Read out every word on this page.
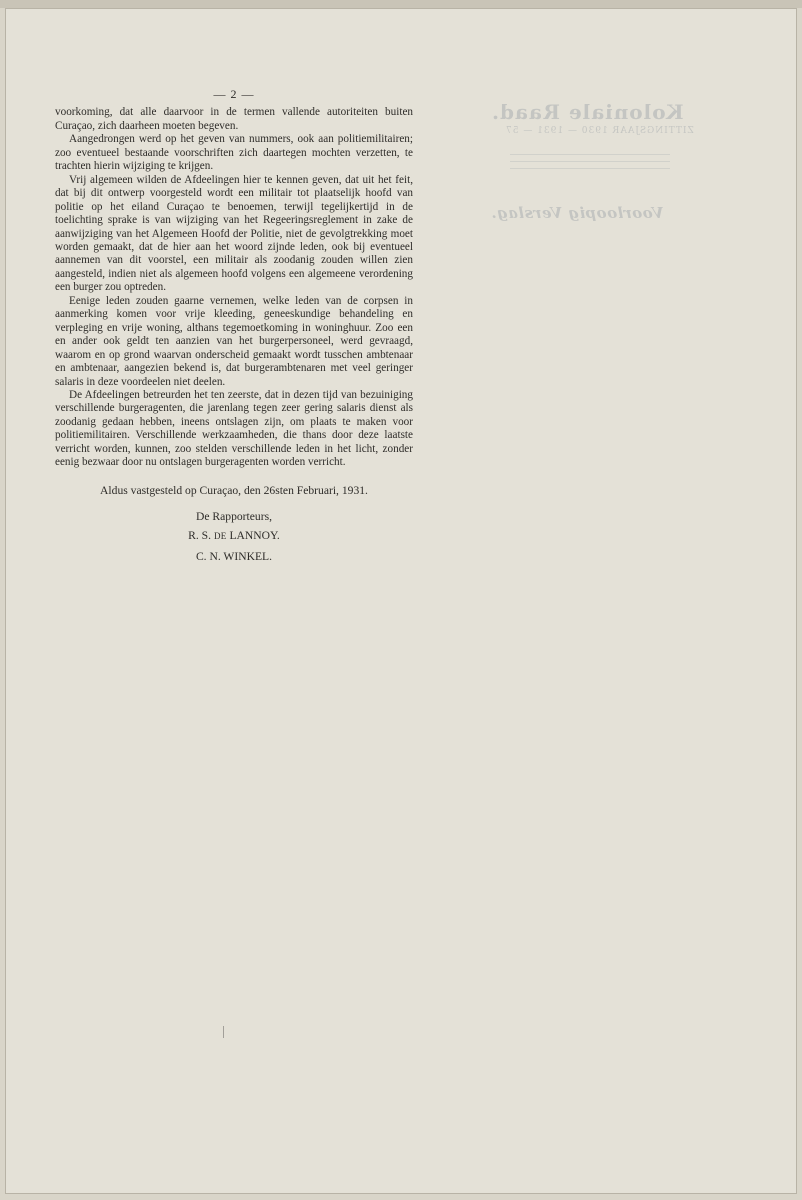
Koloniale Raad.
ZITTINGSJAAR 1930 — 1931 — 57
Voorloopig Verslag.
— 2 —

voorkoming, dat alle daarvoor in de termen vallende autoriteiten buiten Curaçao, zich daarheen moeten begeven.

Aangedrongen werd op het geven van nummers, ook aan politiemilitairen; zoo eventueel bestaande voorschriften zich daartegen mochten verzetten, te trachten hierin wijziging te krijgen.

Vrij algemeen wilden de Afdeelingen hier te kennen geven, dat uit het feit, dat bij dit ontwerp voorgesteld wordt een militair tot plaatselijk hoofd van politie op het eiland Curaçao te benoemen, terwijl tegelijkertijd in de toelichting sprake is van wijziging van het Regeeringsreglement in zake de aanwijziging van het Algemeen Hoofd der Politie, niet de gevolgtrekking moet worden gemaakt, dat de hier aan het woord zijnde leden, ook bij eventueel aannemen van dit voorstel, een militair als zoodanig zouden willen zien aangesteld, indien niet als algemeen hoofd volgens een algemeene verordening een burger zou optreden.

Eenige leden zouden gaarne vernemen, welke leden van de corpsen in aanmerking komen voor vrije kleeding, geneeskundige behandeling en verpleging en vrije woning, althans tegemoetkoming in woninghuur. Zoo een en ander ook geldt ten aanzien van het burgerpersoneel, werd gevraagd, waarom en op grond waarvan onderscheid gemaakt wordt tusschen ambtenaar en ambtenaar, aangezien bekend is, dat burgerambtenaren met veel geringer salaris in deze voordeelen niet deelen.

De Afdeelingen betreurden het ten zeerste, dat in dezen tijd van bezuiniging verschillende burgeragenten, die jarenlang tegen zeer gering salaris dienst als zoodanig gedaan hebben, ineens ontslagen zijn, om plaats te maken voor politiemilitairen. Verschillende werkzaamheden, die thans door deze laatste verricht worden, kunnen, zoo stelden verschillende leden in het licht, zonder eenig bezwaar door nu ontslagen burgeragenten worden verricht.

Aldus vastgesteld op Curaçao, den 26sten Februari, 1931.
De Rapporteurs,
R. S. DE LANNOY.
C. N. WINKEL.
